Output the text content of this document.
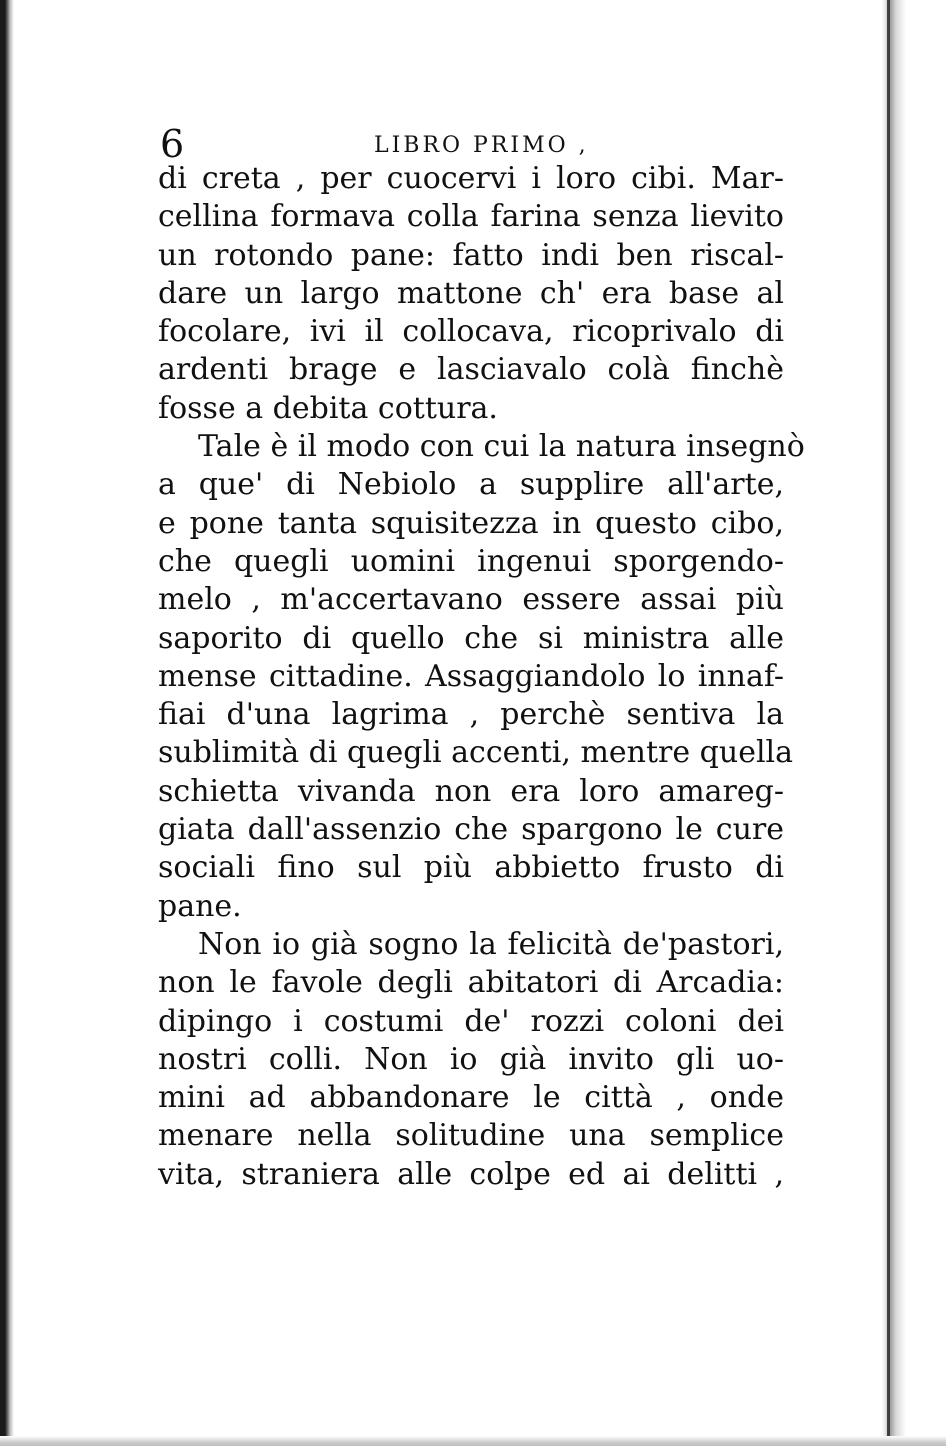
6	LIBRO PRIMO ,
di creta , per cuocervi i loro cibi. Mar-
cellina formava colla farina senza lievito
un rotondo pane: fatto indi ben riscal-
dare un largo mattone ch' era base al
focolare, ivi il collocava, ricoprivalo di
ardenti brage e lasciavalo colà finchè
fosse a debita cottura.
Tale è il modo con cui la natura insegnò
a que' di Nebiolo a supplire all'arte,
e pone tanta squisitezza in questo cibo,
che quegli uomini ingenui sporgendo-
melo , m'accertavano essere assai più
saporito di quello che si ministra alle
mense cittadine. Assaggiandolo lo innaf-
fiai d'una lagrima , perchè sentiva la
sublimità di quegli accenti, mentre quella
schietta vivanda non era loro amareg-
giata dall'assenzio che spargono le cure
sociali fino sul più abbietto frusto di
pane.
Non io già sogno la felicità de'pastori,
non le favole degli abitatori di Arcadia:
dipingo i costumi de' rozzi coloni dei
nostri colli. Non io già invito gli uo-
mini ad abbandonare le città , onde
menare nella solitudine una semplice
vita, straniera alle colpe ed ai delitti ,
